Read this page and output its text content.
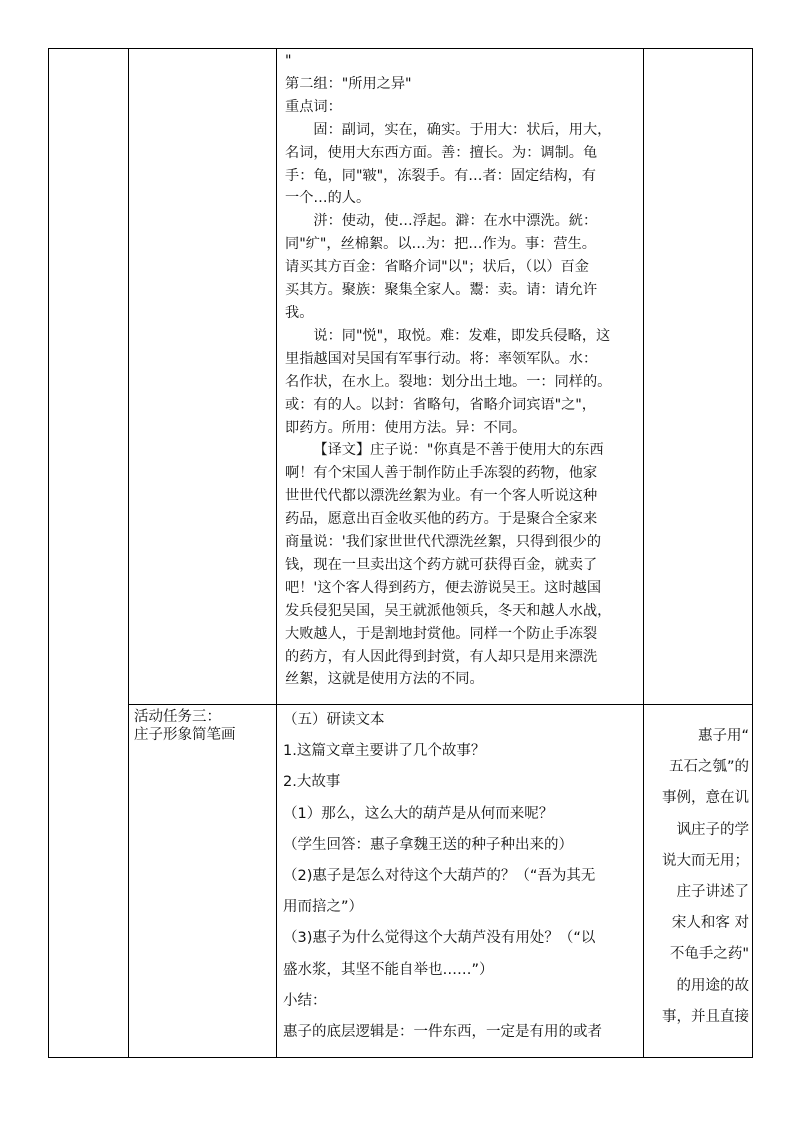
"

第二组："所用之异"

重点词：

固：副词，实在，确实。于用大：状后，用大，

名词，使用大东西方面。善：擅长。为：调制。龟

手：龟，同"皲"，冻裂手。有…者：固定结构，有

一个…的人。

洴：使动，使…浮起。澼：在水中漂洗。絖：

同"纩"，丝棉絮。以…为：把…作为。事：营生。

请买其方百金：省略介词"以"；状后，（以）百金

买其方。聚族：聚集全家人。鬻：卖。请：请允许

我。

说：同"悦"，取悦。难：发难，即发兵侵略，这

里指越国对吴国有军事行动。将：率领军队。水：

名作状，在水上。裂地：划分出土地。一：同样的。

或：有的人。以封：省略句，省略介词宾语"之"，

即药方。所用：使用方法。异：不同。

【译文】庄子说："你真是不善于使用大的东西

啊！有个宋国人善于制作防止手冻裂的药物，他家

世世代代都以漂洗丝絮为业。有一个客人听说这种

药品，愿意出百金收买他的药方。于是聚合全家来

商量说：'我们家世世代代漂洗丝絮，只得到很少的

钱，现在一旦卖出这个药方就可获得百金，就卖了

吧！'这个客人得到药方，便去游说吴王。这时越国

发兵侵犯吴国，吴王就派他领兵，冬天和越人水战，

大败越人，于是割地封赏他。同样一个防止手冻裂

的药方，有人因此得到封赏，有人却只是用来漂洗

丝絮，这就是使用方法的不同。

活动任务三：

庄子形象简笔画

（五）研读文本

1.这篇文章主要讲了几个故事？

2.大故事

（1）那么，这么大的葫芦是从何而来呢？

（学生回答：惠子拿魏王送的种子种出来的）

（2)惠子是怎么对待这个大葫芦的？（“吾为其无

用而掊之”）

（3)惠子为什么觉得这个大葫芦没有用处？（“以

盛水浆，其坚不能自举也……”）

小结：

惠子的底层逻辑是：一件东西，一定是有用的或者

惠子用“

五石之瓠”的

事例，意在讥

讽庄子的学

说大而无用；

庄子讲述了

宋人和客 对

不龟手之药"

的用途的故

事，并且直接
